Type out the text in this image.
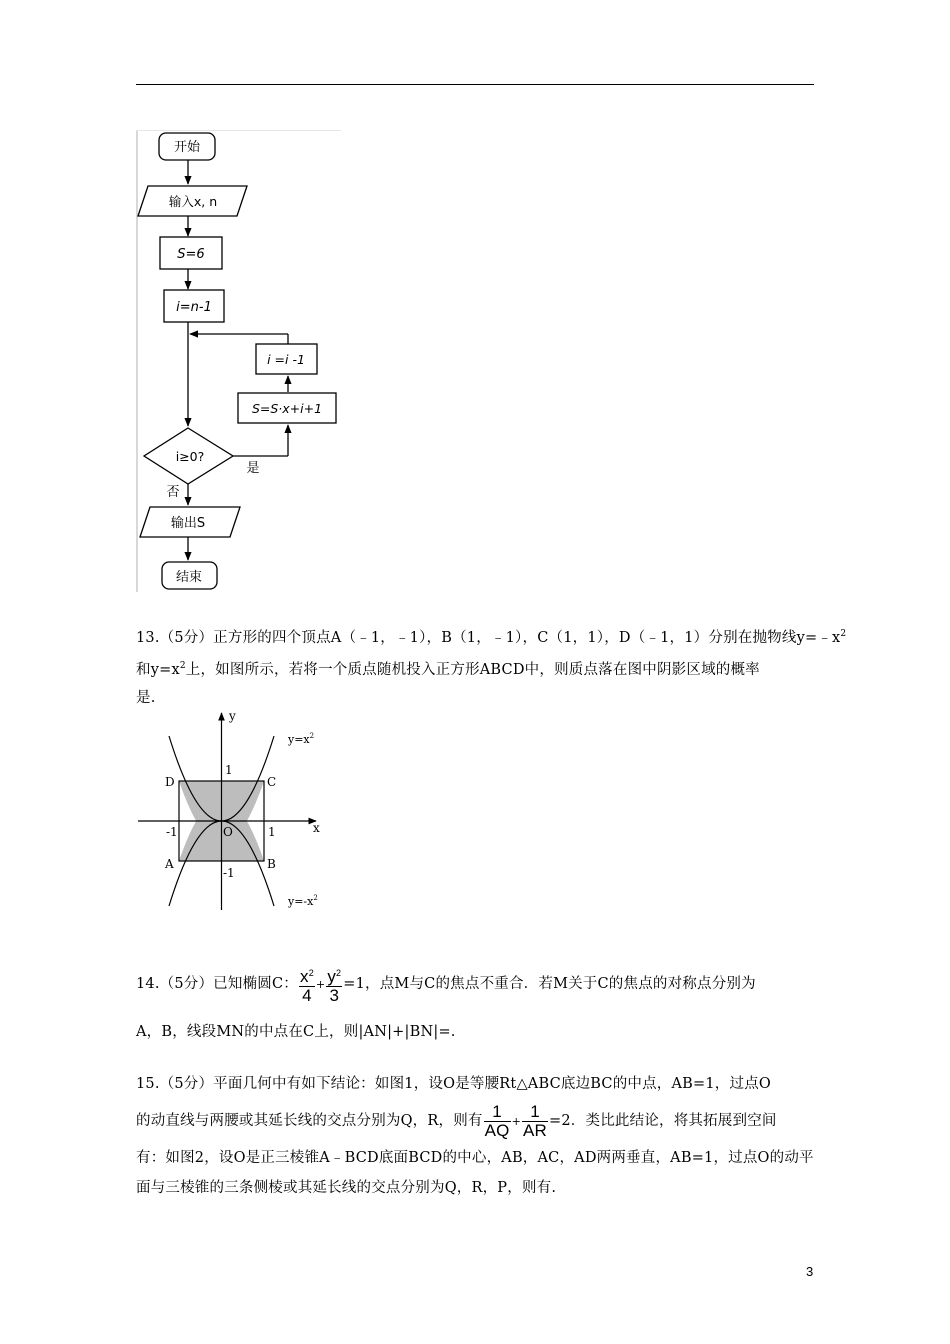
开始
输入x, n
S=6
i=n-1
i =i -1
S=S·x+i+1
i≥0?
是
否
输出S
结束
13.（5分）正方形的四个顶点A（﹣1，﹣1），B（1，﹣1），C（1，1），D（﹣1，1）分别在抛物线$y=﹣x^2$
和$y=x^2$上，如图所示，若将一个质点随机投入正方形ABCD中，则质点落在图中阴影区域的概率
是.
y
x
O
1
-1
1
-1
A	B
C
D
$y=x^2$
$y=-x^2$
14.（5分）已知椭圆C： $\frac{x^2}{4} + \frac{y^2}{3} =1$，点M与C的焦点不重合．若M关于C的焦点的对称点分别为
A，B，线段MN的中点在C上，则|AN|+|BN|=.
15.（5分）平面几何中有如下结论：如图1，设O是等腰Rt△ABC底边BC的中点，AB=1，过点O
的动直线与两腰或其延长线的交点分别为Q，R，则有 $\frac{1}{AQ} + \frac{1}{AR} =2$．类比此结论，将其拓展到空间
有：如图2，设O是正三棱锥A﹣BCD底面BCD的中心，AB，AC，AD两两垂直，AB=1，过点O的动平
面与三棱锥的三条侧棱或其延长线的交点分别为Q，R，P，则有.
3
